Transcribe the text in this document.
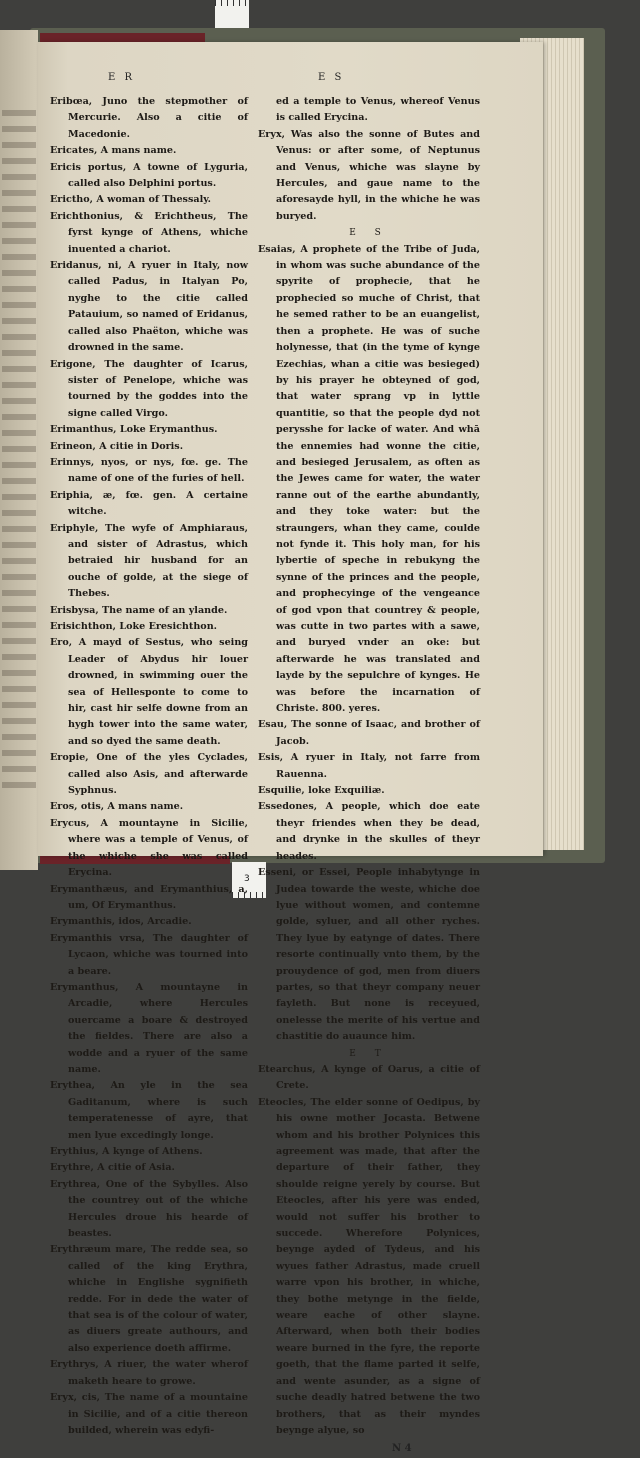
3
E R	E S

Eribœa, Juno the stepmother of Mercurie. Also a citie of Macedonie.

Ericates, A mans name.

Ericis portus, A towne of Lyguria, called also Delphini portus.

Erictho, A woman of Thessaly.

Erichthonius, & Erichtheus, The fyrst kynge of Athens, whiche inuented a chariot.

Eridanus, ni, A ryuer in Italy, now called Padus, in Italyan Po, nyghe to the citie called Patauium, so named of Eridanus, called also Phaëton, whiche was drowned in the same.

Erigone, The daughter of Icarus, sister of Penelope, whiche was tourned by the goddes into the signe called Virgo.

Erimanthus, Loke Erymanthus.

Erineon, A citie in Doris.

Erinnys, nyos, or nys, fœ. ge. The name of one of the furies of hell.

Eriphia, æ, fœ. gen. A certaine witche.

Eriphyle, The wyfe of Amphiaraus, and sister of Adrastus, which betraied hir husband for an ouche of golde, at the siege of Thebes.

Erisbysa, The name of an ylande.

Erisichthon, Loke Eresichthon.

Ero, A mayd of Sestus, who seing Leader of Abydus hir louer drowned, in swimming ouer the sea of Hellesponte to come to hir, cast hir selfe downe from an hygh tower into the same water, and so dyed the same death.

Eropie, One of the yles Cyclades, called also Asis, and afterwarde Syphnus.

Eros, otis, A mans name.

Erycus, A mountayne in Sicilie, where was a temple of Venus, of the whiche she was called Erycina.

Erymanthæus, and Erymanthius, a, um, Of Erymanthus.

Erymanthis, idos, Arcadie.

Erymanthis vrsa, The daughter of Lycaon, whiche was tourned into a beare.

Erymanthus, A mountayne in Arcadie, where Hercules ouercame a boare & destroyed the fieldes. There are also a wodde and a ryuer of the same name.

Erythea, An yle in the sea Gaditanum, where is such temperatenesse of ayre, that men lyue excedingly longe.

Erythius, A kynge of Athens.

Erythre, A citie of Asia.

Erythrea, One of the Sybylles. Also the countrey out of the whiche Hercules droue his hearde of beastes.

Erythræum mare, The redde sea, so called of the king Erythra, whiche in Englishe sygnifieth redde. For in dede the water of that sea is of the colour of water, as diuers greate authours, and also experience doeth affirme.

Erythrys, A riuer, the water wherof maketh heare to growe.

Eryx, cis, The name of a mountaine in Sicilie, and of a citie thereon builded, wherein was edyfi-

ed a temple to Venus, whereof Venus is called Erycina.

Eryx, Was also the sonne of Butes and Venus: or after some, of Neptunus and Venus, whiche was slayne by Hercules, and gaue name to the aforesayde hyll, in the whiche he was buryed.

E S

Esaias, A prophete of the Tribe of Juda, in whom was suche abundance of the spyrite of prophecie, that he prophecied so muche of Christ, that he semed rather to be an euangelist, then a prophete. He was of suche holynesse, that (in the tyme of kynge Ezechias, whan a citie was besieged) by his prayer he obteyned of god, that water sprang vp in lyttle quantitie, so that the people dyd not perysshe for lacke of water. And whā the ennemies had wonne the citie, and besieged Jerusalem, as often as the Jewes came for water, the water ranne out of the earthe abundantly, and they toke water: but the straungers, whan they came, coulde not fynde it. This holy man, for his lybertie of speche in rebukyng the synne of the princes and the people, and prophecyinge of the vengeance of god vpon that countrey & people, was cutte in two partes with a sawe, and buryed vnder an oke: but afterwarde he was translated and layde by the sepulchre of kynges. He was before the incarnation of Christe. 800. yeres.

Esau, The sonne of Isaac, and brother of Jacob.

Esis, A ryuer in Italy, not farre from Rauenna.

Esquilie, loke Exquiliæ.

Essedones, A people, which doe eate theyr friendes when they be dead, and drynke in the skulles of theyr heades.

Esseni, or Essei, People inhabytynge in Judea towarde the weste, whiche doe lyue without women, and contemne golde, syluer, and all other ryches. They lyue by eatynge of dates. There resorte continually vnto them, by the prouydence of god, men from diuers partes, so that theyr company neuer fayleth. But none is receyued, onelesse the merite of his vertue and chastitie do auaunce him.

E T

Etearchus, A kynge of Oarus, a citie of Crete.

Eteocles, The elder sonne of Oedipus, by his owne mother Jocasta. Betwene whom and his brother Polynices this agreement was made, that after the departure of their father, they shoulde reigne yerely by course. But Eteocles, after his yere was ended, would not suffer his brother to succede. Wherefore Polynices, beynge ayded of Tydeus, and his wyues father Adrastus, made cruell warre vpon his brother, in whiche, they bothe metynge in the fielde, weare eache of other slayne. Afterward, when both their bodies weare burned in the fyre, the reporte goeth, that the flame parted it selfe, and wente asunder, as a signe of suche deadly hatred betwene the two brothers, that as their myndes beynge alyue, so

N 4
